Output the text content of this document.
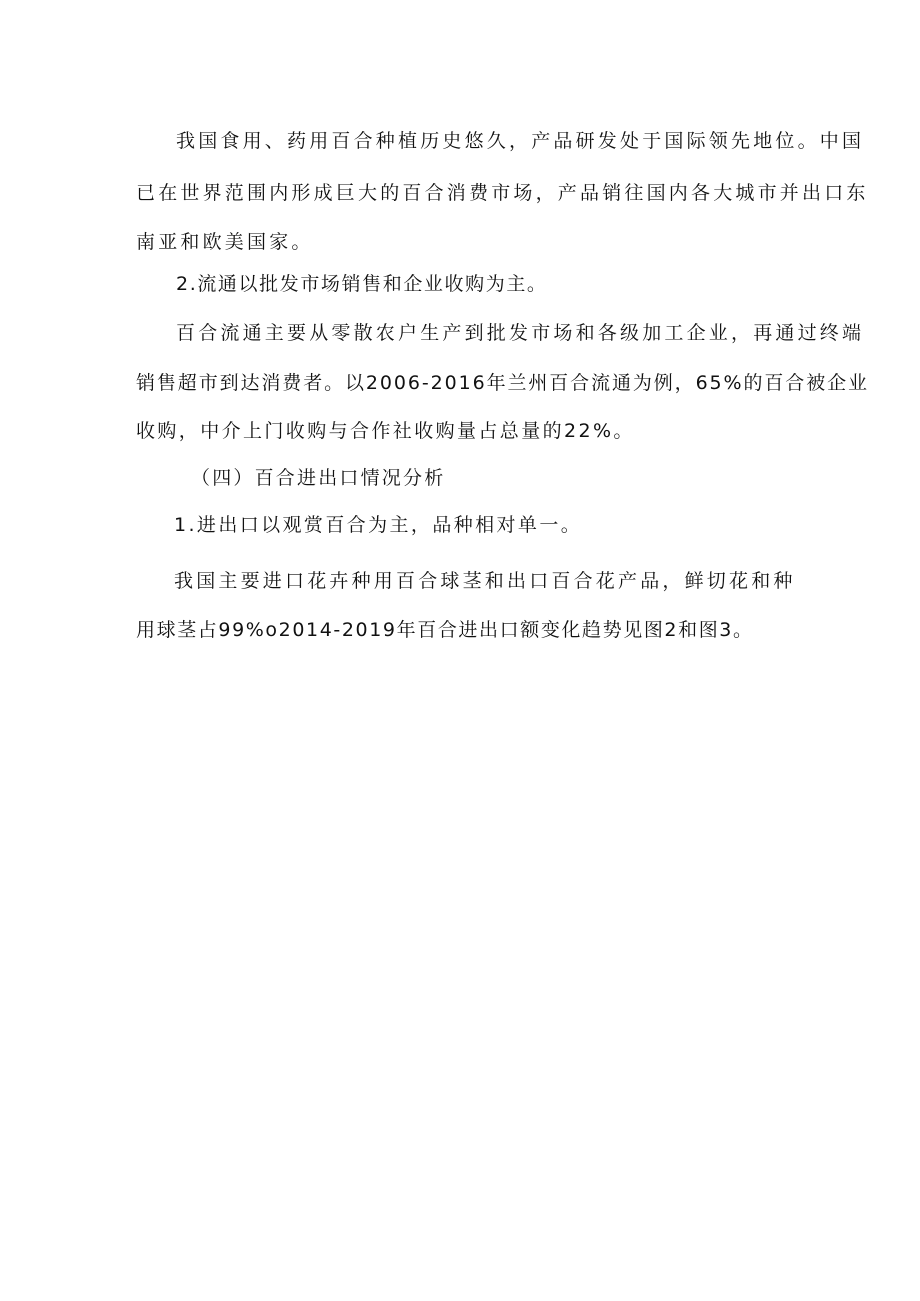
我国食用、药用百合种植历史悠久，产品研发处于国际领先地位。中国
已在世界范围内形成巨大的百合消费市场，产品销往国内各大城市并出口东
南亚和欧美国家。
2.流通以批发市场销售和企业收购为主。
百合流通主要从零散农户生产到批发市场和各级加工企业，再通过终端
销售超市到达消费者。以2006-2016年兰州百合流通为例，65%的百合被企业
收购，中介上门收购与合作社收购量占总量的22%。
（四）百合进出口情况分析
1.进出口以观赏百合为主，品种相对单一。
我国主要进口花卉种用百合球茎和出口百合花产品，鲜切花和种
用球茎占99%o2014-2019年百合进出口额变化趋势见图2和图3。
